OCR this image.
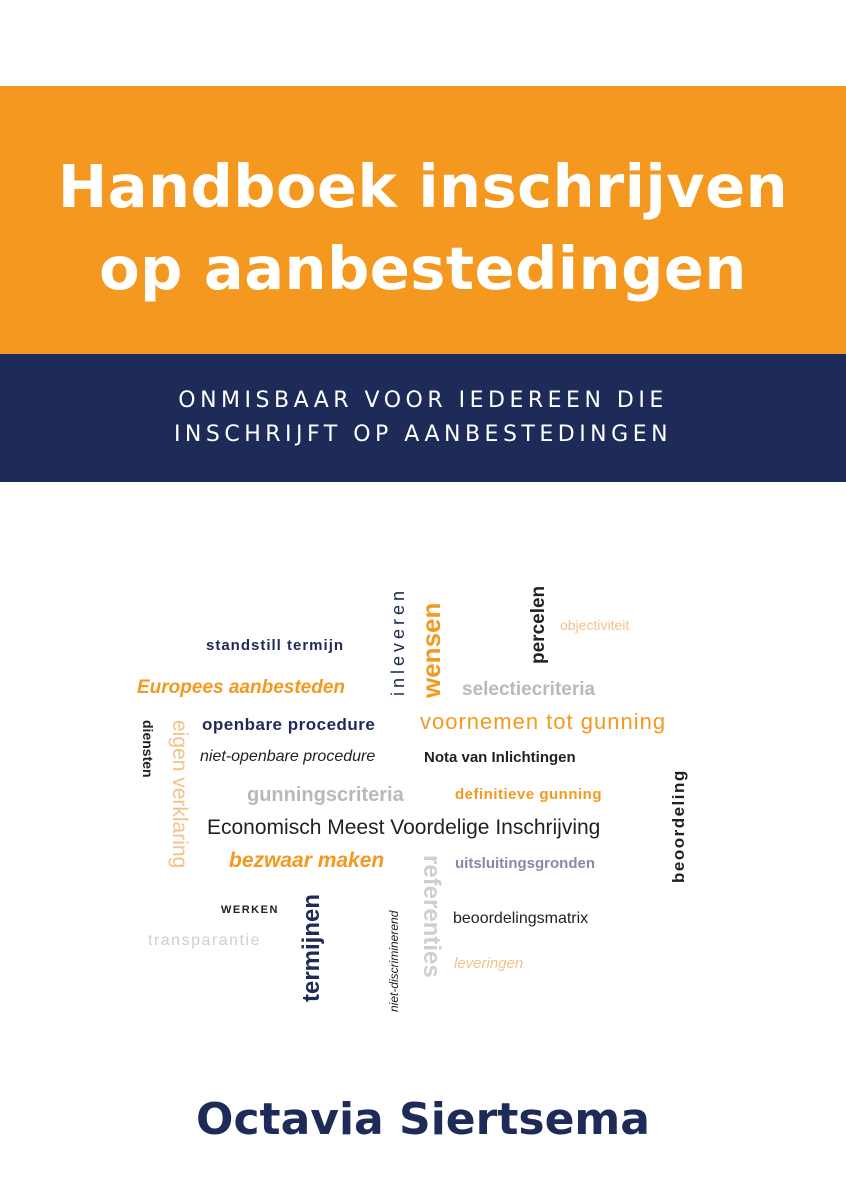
Handboek inschrijven
op aanbestedingen
ONMISBAAR VOOR IEDEREEN DIE
INSCHRIJFT OP AANBESTEDINGEN
standstill termijn
objectiviteit
Europees aanbesteden	selectiecriteria
openbare procedure voornemen tot gunning
niet-openbare procedure	Nota van Inlichtingen
gunningscriteria	definitieve gunning
Economisch Meest Voordelige Inschrijving
bezwaar maken	uitsluitingsgronden
WERKEN	beoordelingsmatrix
transparantie
leveringen
inleveren wensen	percelen
beoordeling
termijnen	niet-discriminerend
diensten eigen verklaring
referenties
Octavia Siertsema
